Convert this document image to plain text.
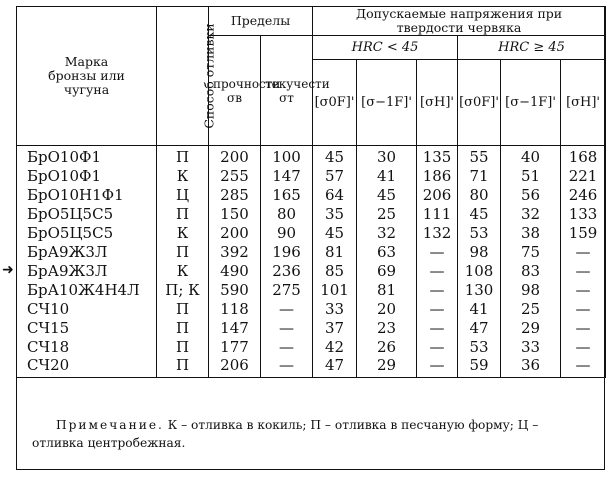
➜
Марка бронзы или чугуна	Способ отливки	Пределы		Допускаемые напряжения при твердости червяка					
		прочности σв	текучести σт	HRC < 45			HRC ≥ 45		
				[σ0F]'	[σ−1F]'	[σH]'	[σ0F]'	[σ−1F]'	[σH]'
БрО10Ф1	П	200	100	45	30	135	55	40	168
БрО10Ф1	К	255	147	57	41	186	71	51	221
БрО10Н1Ф1	Ц	285	165	64	45	206	80	56	246
БрО5Ц5С5	П	150	80	35	25	111	45	32	133
БрО5Ц5С5	К	200	90	45	32	132	53	38	159
БрА9Ж3Л	П	392	196	81	63	—	98	75	—
БрА9Ж3Л	К	490	236	85	69	—	108	83	—
БрА10Ж4Н4Л	П; К	590	275	101	81	—	130	98	—
СЧ10	П	118	—	33	20	—	41	25	—
СЧ15	П	147	—	37	23	—	47	29	—
СЧ18	П	177	—	42	26	—	53	33	—
СЧ20	П	206	—	47	29	—	59	36	—
Примечание. К – отливка в кокиль; П – отливка в песчаную форму; Ц – отливка центробежная.
